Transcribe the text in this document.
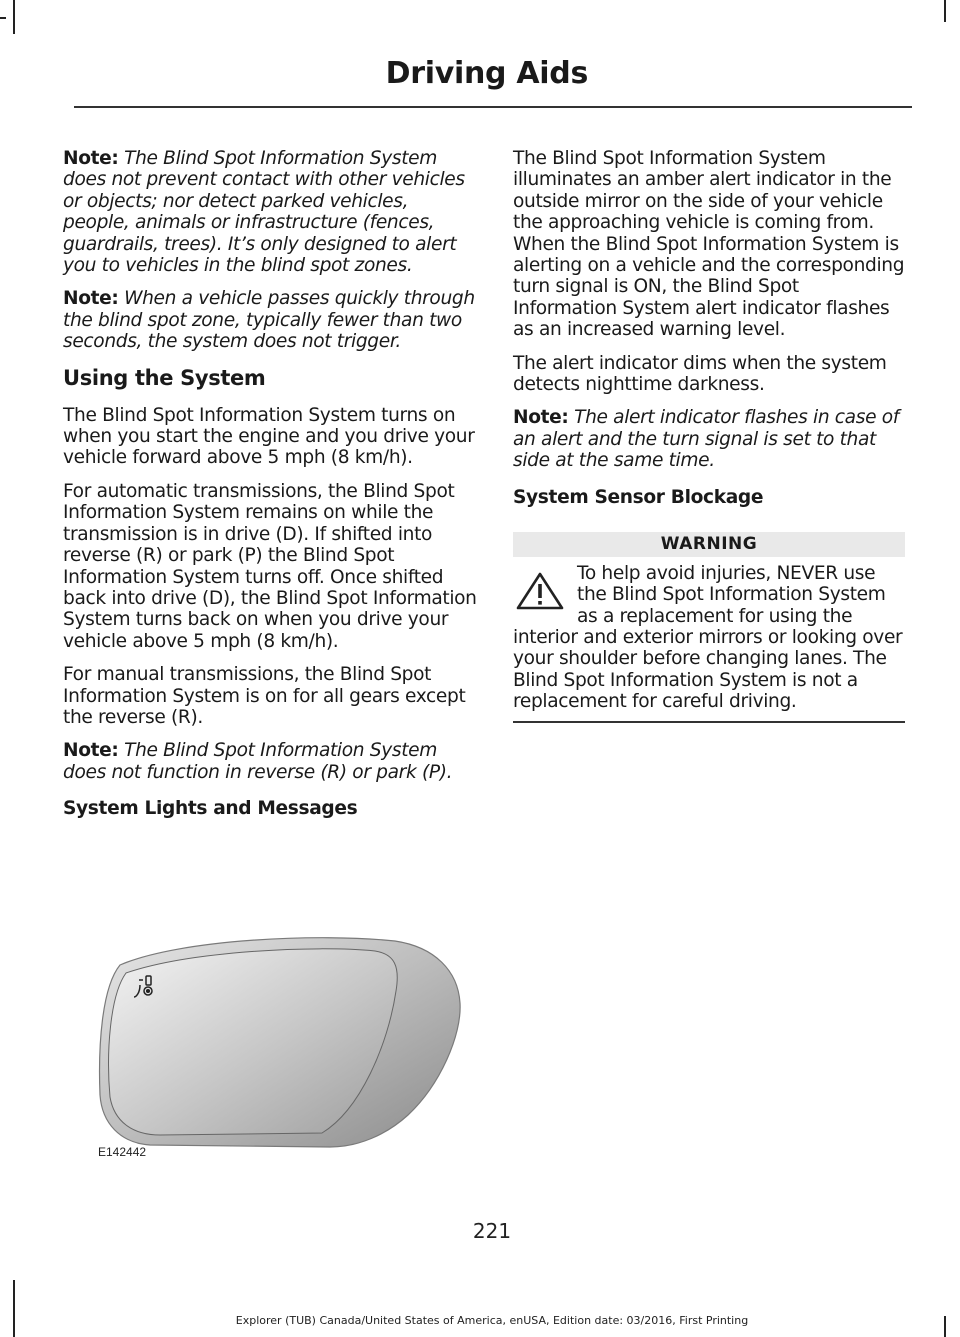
Driving Aids

Note: The Blind Spot Information System does not prevent contact with other vehicles or objects; nor detect parked vehicles, people, animals or infrastructure (fences, guardrails, trees). It’s only designed to alert you to vehicles in the blind spot zones.

Note: When a vehicle passes quickly through the blind spot zone, typically fewer than two seconds, the system does not trigger.

Using the System

The Blind Spot Information System turns on when you start the engine and you drive your vehicle forward above 5 mph (8 km/h).

For automatic transmissions, the Blind Spot Information System remains on while the transmission is in drive (D). If shifted into reverse (R) or park (P) the Blind Spot Information System turns off. Once shifted back into drive (D), the Blind Spot Information System turns back on when you drive your vehicle above 5 mph (8 km/h).

For manual transmissions, the Blind Spot Information System is on for all gears except the reverse (R).

Note: The Blind Spot Information System does not function in reverse (R) or park (P).

System Lights and Messages
E142442

The Blind Spot Information System illuminates an amber alert indicator in the outside mirror on the side of your vehicle the approaching vehicle is coming from. When the Blind Spot Information System is alerting on a vehicle and the corresponding turn signal is ON, the Blind Spot Information System alert indicator flashes as an increased warning level.

The alert indicator dims when the system detects nighttime darkness.

Note: The alert indicator flashes in case of an alert and the turn signal is set to that side at the same time.

System Sensor Blockage
WARNING
To help avoid injuries, NEVER use the Blind Spot Information System as a replacement for using the interior and exterior mirrors or looking over your shoulder before changing lanes. The Blind Spot Information System is not a replacement for careful driving.
221
Explorer (TUB) Canada/United States of America, enUSA, Edition date: 03/2016, First Printing
